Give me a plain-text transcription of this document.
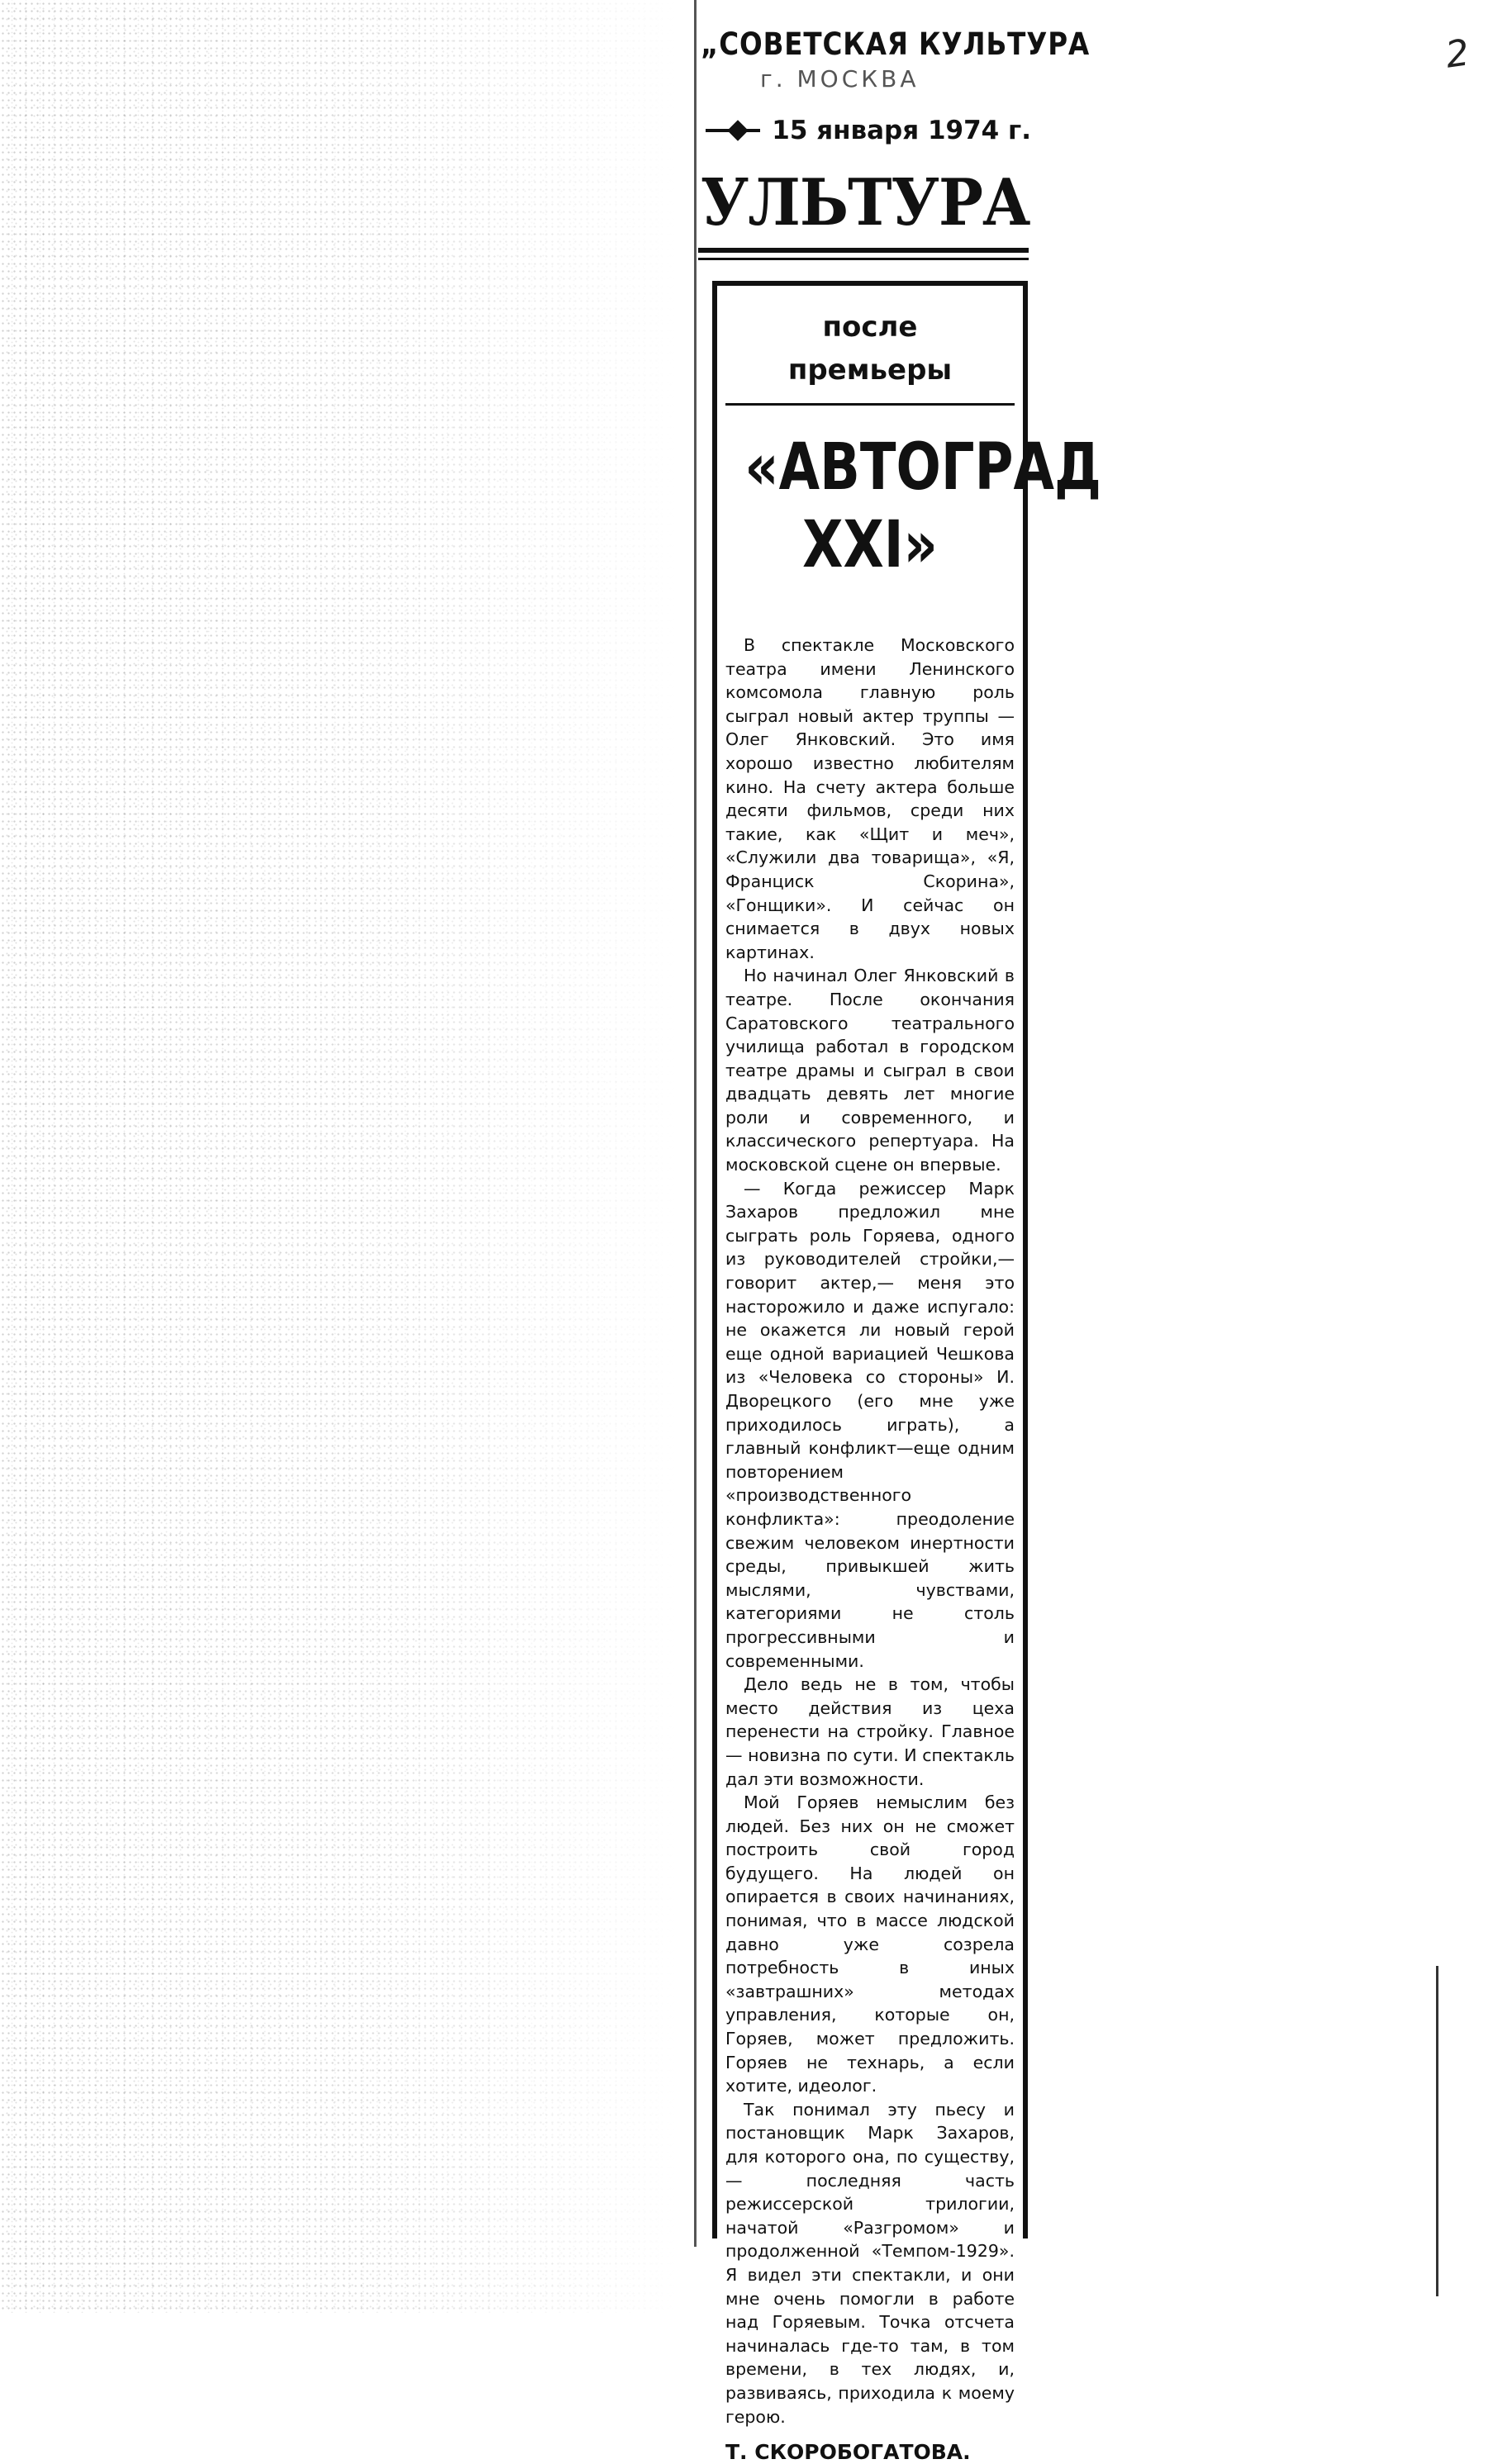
2
„СОВЕТСКАЯ КУЛЬТУРА
г. МОСКВА
15 января 1974 г.
УЛЬТУРА
после
премьеры
«АВТОГРАД
XXI»

В спектакле Московского театра имени Ленинского комсомола главную роль сыграл новый актер труппы — Олег Янковский. Это имя хорошо известно любителям кино. На счету актера больше десяти фильмов, среди них такие, как «Щит и меч», «Служили два товарища», «Я, Франциск Скорина», «Гонщики». И сейчас он снимается в двух новых картинах.

Но начинал Олег Янковский в театре. После окончания Саратовского театрального училища работал в городском театре драмы и сыграл в свои двадцать девять лет многие роли и современного, и классического репертуара. На московской сцене он впервые.

— Когда режиссер Марк Захаров предложил мне сыграть роль Горяева, одного из руководителей стройки,—говорит актер,— меня это насторожило и даже испугало: не окажется ли новый герой еще одной вариацией Чешкова из «Человека со стороны» И. Дворецкого (его мне уже приходилось играть), а главный конфликт—еще одним повторением «производственного конфликта»: преодоление свежим человеком инертности среды, привыкшей жить мыслями, чувствами, категориями не столь прогрессивными и современными.

Дело ведь не в том, чтобы место действия из цеха перенести на стройку. Главное — новизна по сути. И спектакль дал эти возможности.

Мой Горяев немыслим без людей. Без них он не сможет построить свой город будущего. На людей он опирается в своих начинаниях, понимая, что в массе людской давно уже созрела потребность в иных «завтрашних» методах управления, которые он, Горяев, может предложить. Горяев не технарь, а если хотите, идеолог.

Так понимал эту пьесу и постановщик Марк Захаров, для которого она, по существу, — последняя часть режиссерской трилогии, начатой «Разгромом» и продолженной «Темпом-1929». Я видел эти спектакли, и они мне очень помогли в работе над Горяевым. Точка отсчета начиналась где-то там, в том времени, в тех людях, и, развиваясь, приходила к моему герою.

Т. СКОРОБОГАТОВА.
